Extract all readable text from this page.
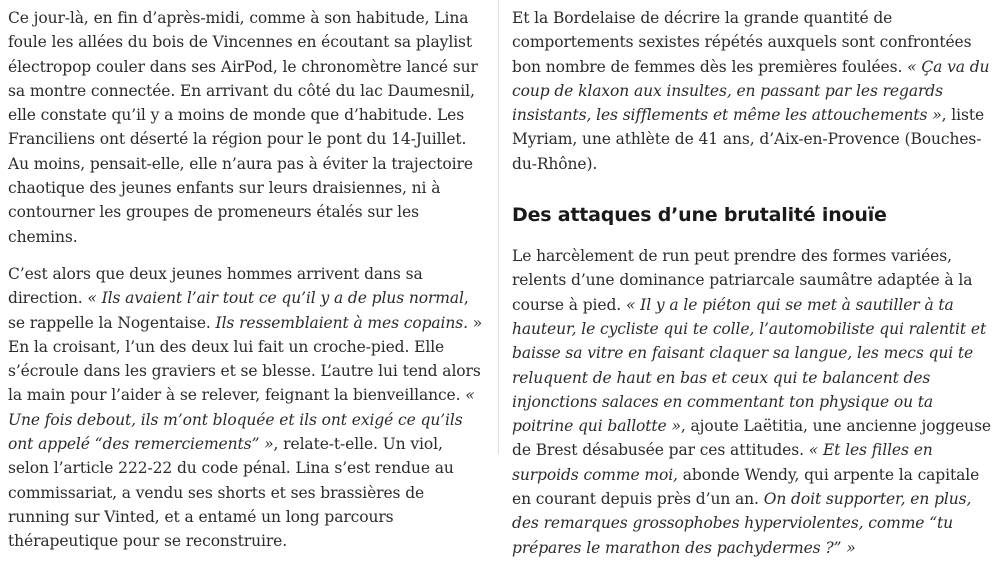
Ce jour-là, en fin d’après-midi, comme à son habitude, Lina foule les allées du bois de Vincennes en écoutant sa playlist électropop couler dans ses AirPod, le chronomètre lancé sur sa montre connectée. En arrivant du côté du lac Daumesnil, elle constate qu’il y a moins de monde que d’habitude. Les Franciliens ont déserté la région pour le pont du 14-Juillet. Au moins, pensait-elle, elle n’aura pas à éviter la trajectoire chaotique des jeunes enfants sur leurs draisiennes, ni à contourner les groupes de promeneurs étalés sur les chemins.

C’est alors que deux jeunes hommes arrivent dans sa direction. « Ils avaient l’air tout ce qu’il y a de plus normal, se rappelle la Nogentaise. Ils ressemblaient à mes copains. » En la croisant, l’un des deux lui fait un croche-pied. Elle s’écroule dans les graviers et se blesse. L’autre lui tend alors la main pour l’aider à se relever, feignant la bienveillance. « Une fois debout, ils m’ont bloquée et ils ont exigé ce qu’ils ont appelé “des remerciements” », relate-t-elle. Un viol, selon l’article 222-22 du code pénal. Lina s’est rendue au commissariat, a vendu ses shorts et ses brassières de running sur Vinted, et a entamé un long parcours thérapeutique pour se reconstruire.

Et la Bordelaise de décrire la grande quantité de comportements sexistes répétés auxquels sont confrontées bon nombre de femmes dès les premières foulées. « Ça va du coup de klaxon aux insultes, en passant par les regards insistants, les sifflements et même les attouchements », liste Myriam, une athlète de 41 ans, d’Aix-en-Provence (Bouches-du-Rhône).

Des attaques d’une brutalité inouïe

Le harcèlement de run peut prendre des formes variées, relents d’une dominance patriarcale saumâtre adaptée à la course à pied. « Il y a le piéton qui se met à sautiller à ta hauteur, le cycliste qui te colle, l’automobiliste qui ralentit et baisse sa vitre en faisant claquer sa langue, les mecs qui te reluquent de haut en bas et ceux qui te balancent des injonctions salaces en commentant ton physique ou ta poitrine qui ballotte », ajoute Laëtitia, une ancienne joggeuse de Brest désabusée par ces attitudes. « Et les filles en surpoids comme moi, abonde Wendy, qui arpente la capitale en courant depuis près d’un an. On doit supporter, en plus, des remarques grossophobes hyperviolentes, comme “tu prépares le marathon des pachydermes ?” »
